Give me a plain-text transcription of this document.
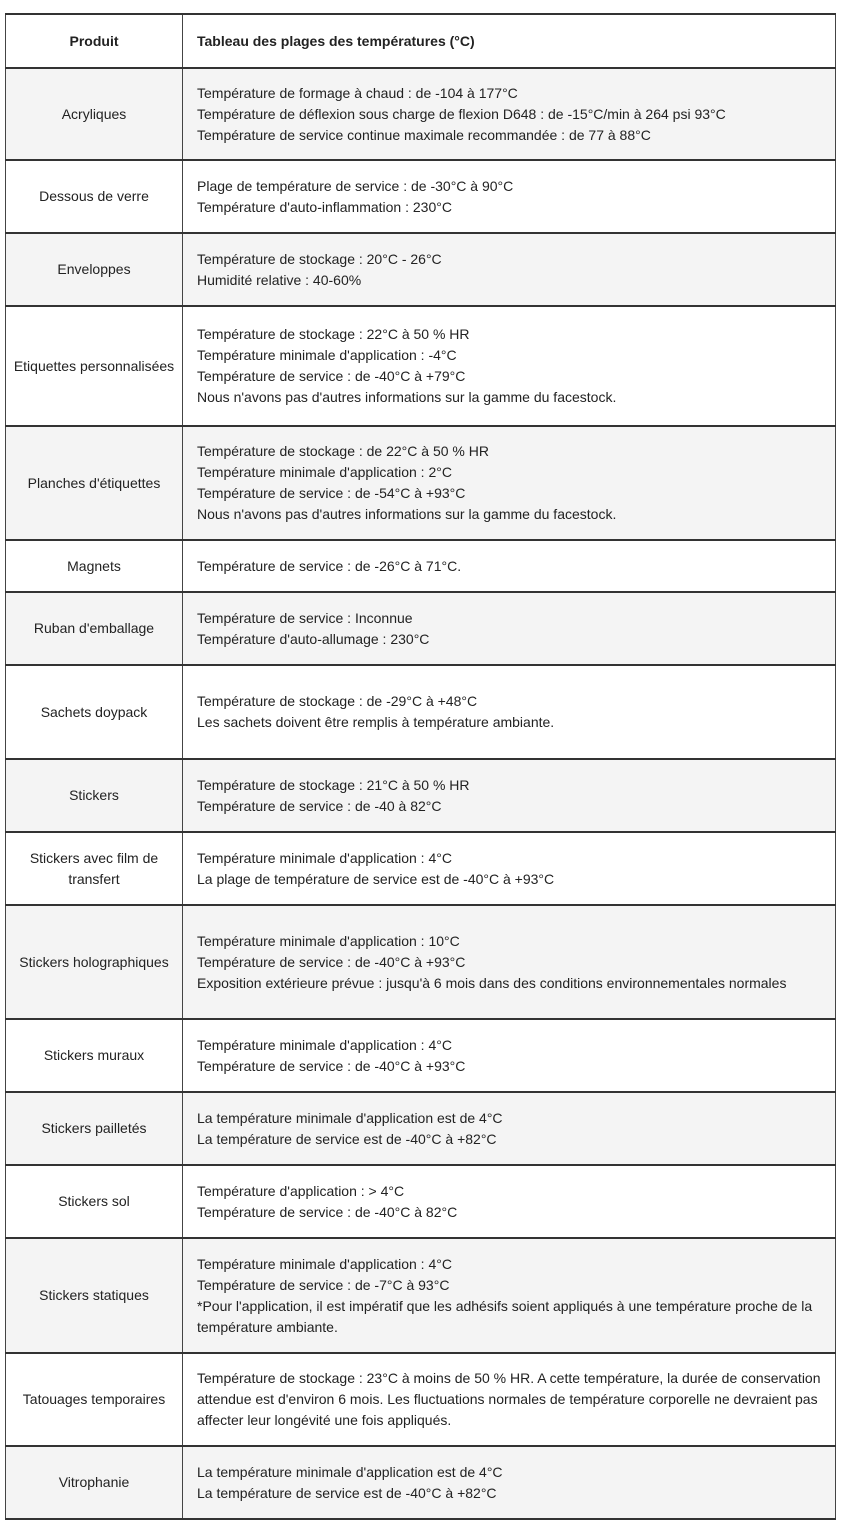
Produit	Tableau des plages des températures (°C)
Acryliques	Température de formage à chaud : de -104 à 177°C
Température de déflexion sous charge de flexion D648 : de -15°C/min à 264 psi 93°C
Température de service continue maximale recommandée : de 77 à 88°C

Dessous de verre	Plage de température de service : de -30°C à 90°C
Température d'auto-inflammation : 230°C

Enveloppes	Température de stockage : 20°C - 26°C
Humidité relative : 40-60%

Etiquettes personnalisées	Température de stockage : 22°C à 50 % HR
Température minimale d'application : -4°C
Température de service : de -40°C à +79°C
Nous n'avons pas d'autres informations sur la gamme du facestock.

Planches d'étiquettes	Température de stockage : de 22°C à 50 % HR
Température minimale d'application : 2°C
Température de service : de -54°C à +93°C
Nous n'avons pas d'autres informations sur la gamme du facestock.

Magnets	Température de service : de -26°C à 71°C.

Ruban d'emballage	Température de service : Inconnue
Température d'auto-allumage : 230°C

Sachets doypack	Température de stockage : de -29°C à +48°C
Les sachets doivent être remplis à température ambiante.

Stickers	Température de stockage : 21°C à 50 % HR
Température de service : de -40 à 82°C

Stickers avec film de transfert	Température minimale d'application : 4°C
La plage de température de service est de -40°C à +93°C

Stickers holographiques	Température minimale d'application : 10°C
Température de service : de -40°C à +93°C
Exposition extérieure prévue : jusqu'à 6 mois dans des conditions environnementales normales

Stickers muraux	Température minimale d'application : 4°C
Température de service : de -40°C à +93°C

Stickers pailletés	La température minimale d'application est de 4°C
La température de service est de -40°C à +82°C

Stickers sol	Température d'application : > 4°C
Température de service : de -40°C à 82°C

Stickers statiques	Température minimale d'application : 4°C
Température de service : de -7°C à 93°C
*Pour l'application, il est impératif que les adhésifs soient appliqués à une température proche de la température ambiante.

Tatouages temporaires	Température de stockage : 23°C à moins de 50 % HR. A cette température, la durée de conservation attendue est d'environ 6 mois. Les fluctuations normales de température corporelle ne devraient pas affecter leur longévité une fois appliqués.

Vitrophanie	La température minimale d'application est de 4°C
La température de service est de -40°C à +82°C
